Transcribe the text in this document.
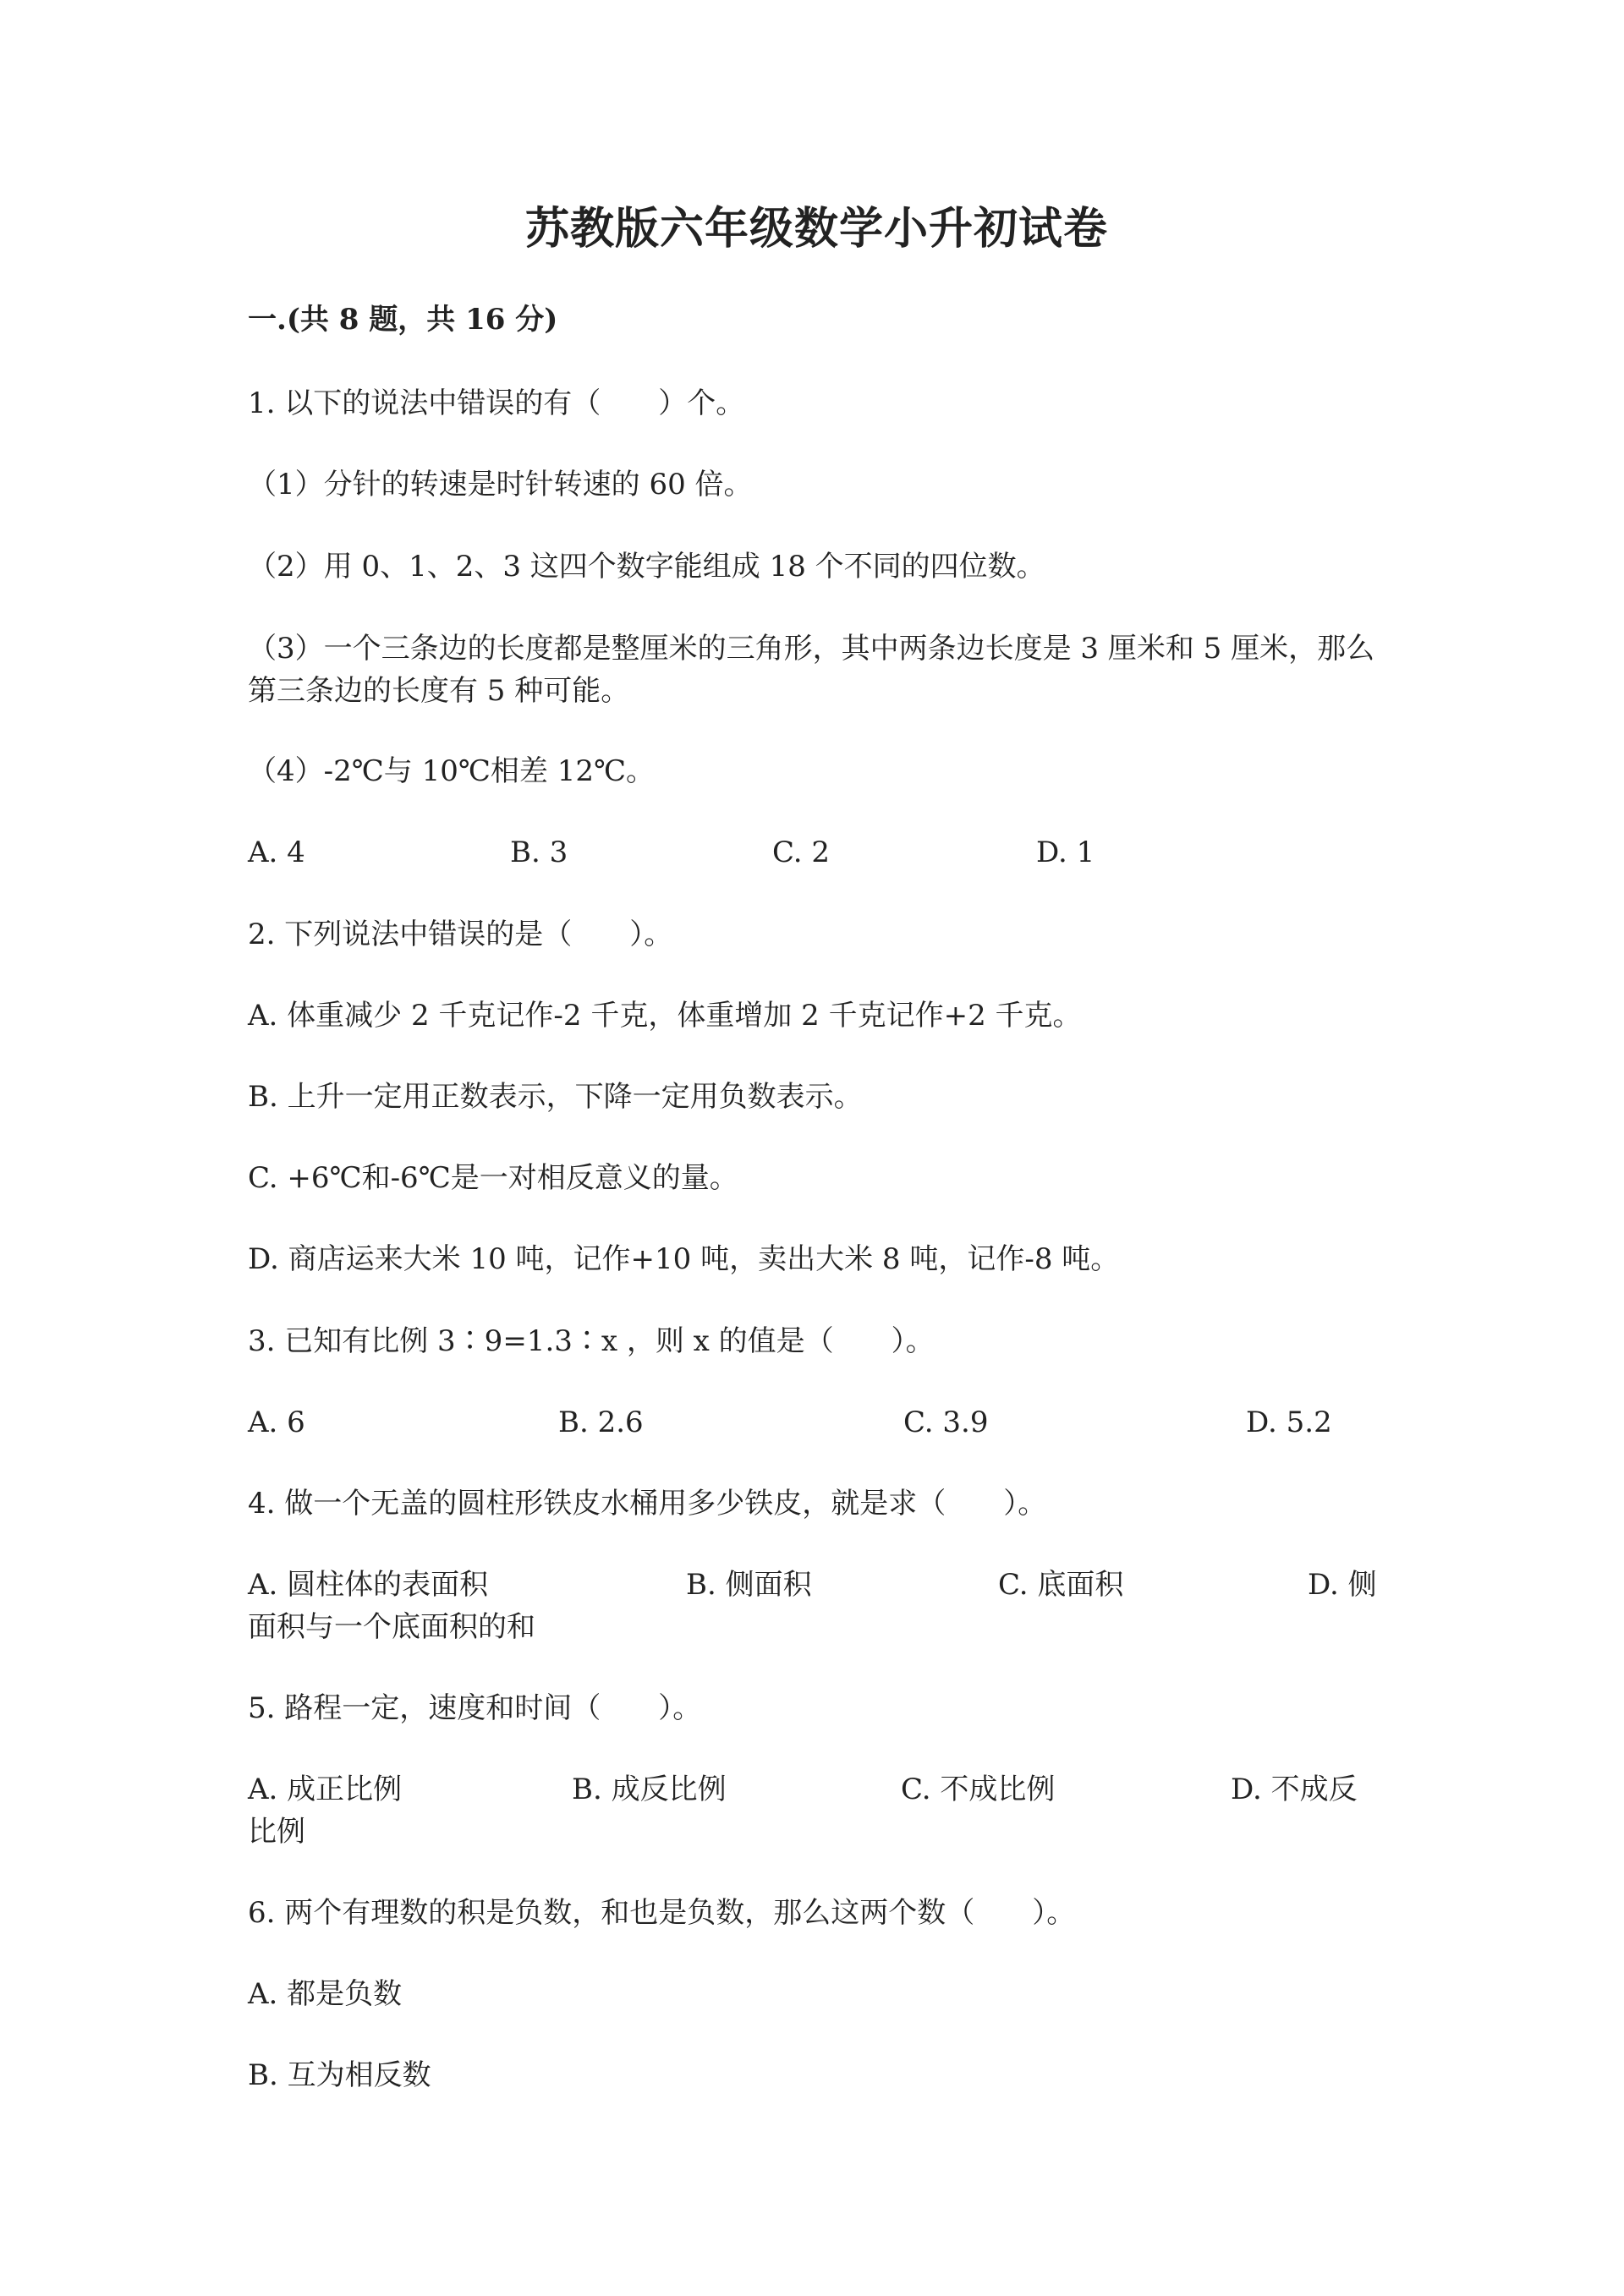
苏教版六年级数学小升初试卷
一.(共 8 题，共 16 分)
1. 以下的说法中错误的有（　　）个。
（1）分针的转速是时针转速的 60 倍。
（2）用 0、1、2、3 这四个数字能组成 18 个不同的四位数。
（3）一个三条边的长度都是整厘米的三角形，其中两条边长度是 3 厘米和 5 厘米，那么第三条边的长度有 5 种可能。
（4）-2℃与 10℃相差 12℃。
A. 4	B. 3	C. 2	D. 1
2. 下列说法中错误的是（　　）。
A. 体重减少 2 千克记作-2 千克，体重增加 2 千克记作+2 千克。
B. 上升一定用正数表示，下降一定用负数表示。
C. +6℃和-6℃是一对相反意义的量。
D. 商店运来大米 10 吨，记作+10 吨，卖出大米 8 吨，记作-8 吨。
3. 已知有比例 3∶9=1.3∶x ，则 x 的值是（　　）。
A. 6	B. 2.6	C. 3.9	D. 5.2
4. 做一个无盖的圆柱形铁皮水桶用多少铁皮，就是求（　　）。
A. 圆柱体的表面积	B. 侧面积	C. 底面积	D. 侧
面积与一个底面积的和
5. 路程一定，速度和时间（　　）。
A. 成正比例	B. 成反比例	C. 不成比例	D. 不成反
比例
6. 两个有理数的积是负数，和也是负数，那么这两个数（　　）。
A. 都是负数
B. 互为相反数
